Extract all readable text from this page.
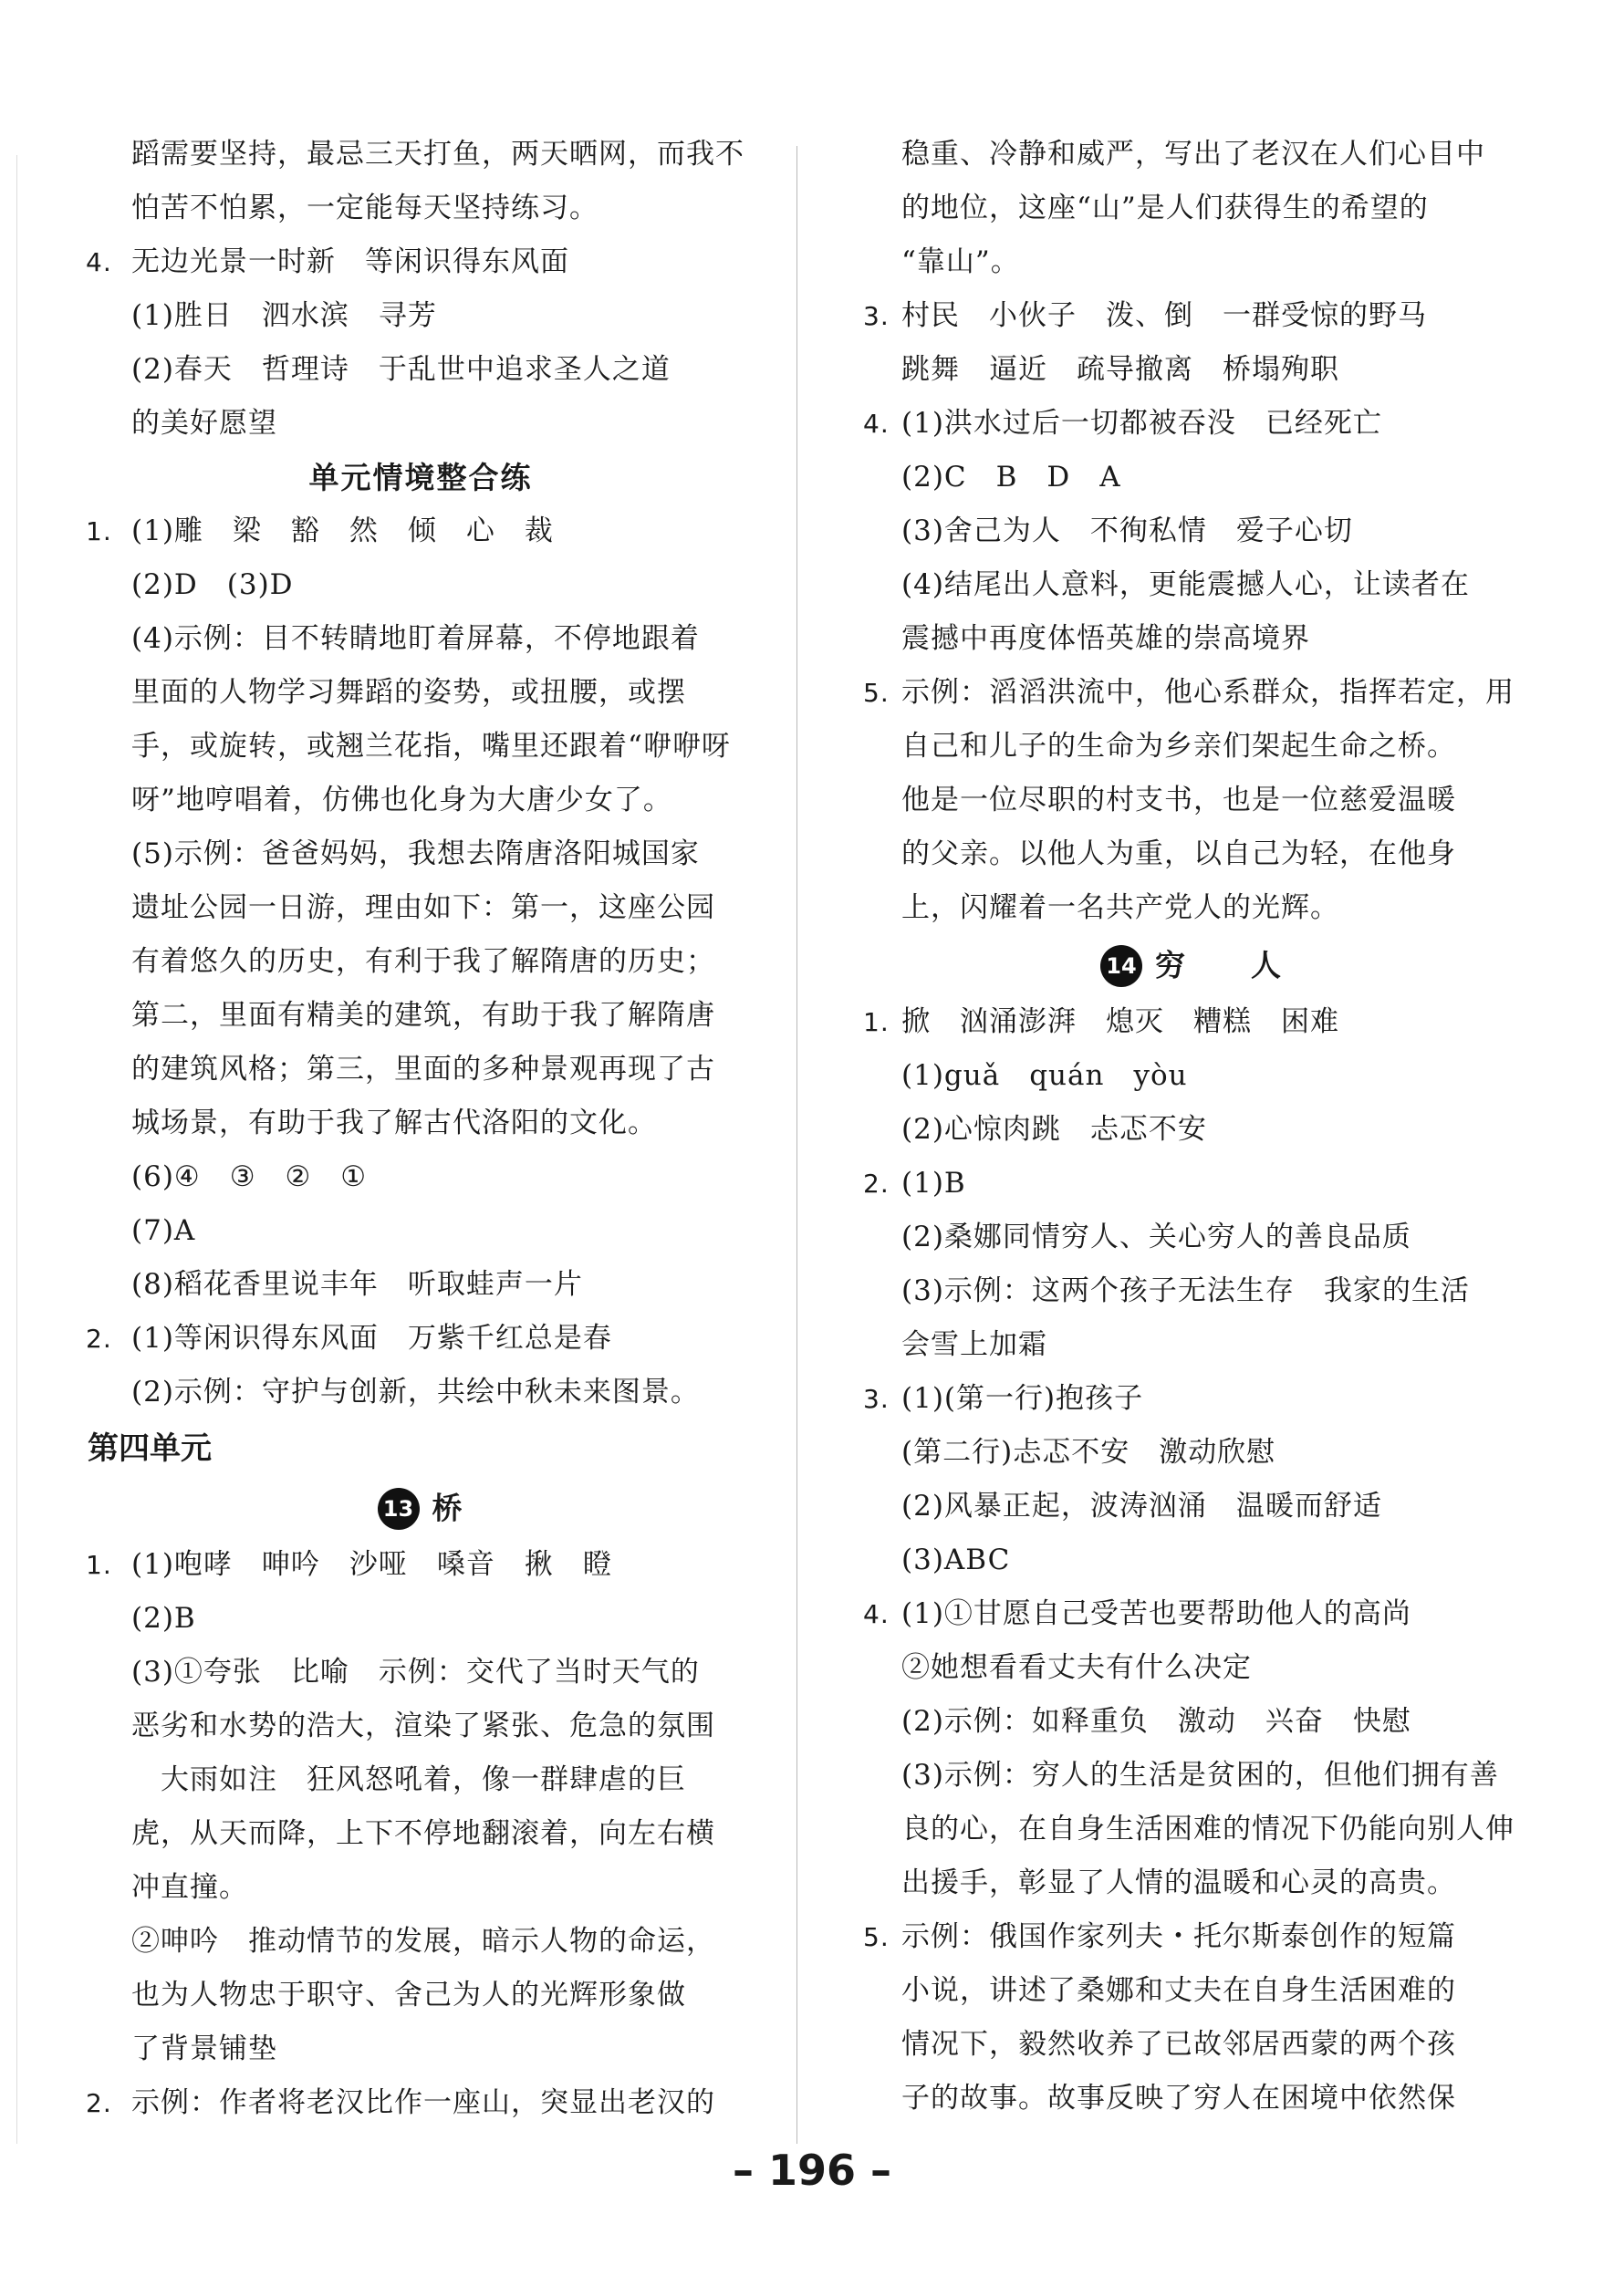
蹈需要坚持，最忌三天打鱼，两天晒网，而我不
怕苦不怕累，一定能每天坚持练习。
4. 无边光景一时新　等闲识得东风面
(1)胜日　泗水滨　寻芳
(2)春天　哲理诗　于乱世中追求圣人之道
的美好愿望
单元情境整合练
1. (1)雕　梁　豁　然　倾　心　裁
(2)D　(3)D
(4)示例：目不转睛地盯着屏幕，不停地跟着
里面的人物学习舞蹈的姿势，或扭腰，或摆
手，或旋转，或翘兰花指，嘴里还跟着“咿咿呀
呀”地哼唱着，仿佛也化身为大唐少女了。
(5)示例：爸爸妈妈，我想去隋唐洛阳城国家
遗址公园一日游，理由如下：第一，这座公园
有着悠久的历史，有利于我了解隋唐的历史；
第二，里面有精美的建筑，有助于我了解隋唐
的建筑风格；第三，里面的多种景观再现了古
城场景，有助于我了解古代洛阳的文化。
(6)④　③　②　①
(7)A
(8)稻花香里说丰年　听取蛙声一片
2. (1)等闲识得东风面　万紫千红总是春
(2)示例：守护与创新，共绘中秋未来图景。
第四单元
13 桥
1. (1)咆哮　呻吟　沙哑　嗓音　揪　瞪
(2)B
(3)①夸张　比喻　示例：交代了当时天气的
恶劣和水势的浩大，渲染了紧张、危急的氛围
　大雨如注　狂风怒吼着，像一群肆虐的巨
虎，从天而降，上下不停地翻滚着，向左右横
冲直撞。
②呻吟　推动情节的发展，暗示人物的命运，
也为人物忠于职守、舍己为人的光辉形象做
了背景铺垫
2. 示例：作者将老汉比作一座山，突显出老汉的
稳重、冷静和威严，写出了老汉在人们心目中
的地位，这座“山”是人们获得生的希望的
“靠山”。
3. 村民　小伙子　泼、倒　一群受惊的野马
跳舞　逼近　疏导撤离　桥塌殉职
4. (1)洪水过后一切都被吞没　已经死亡
(2)C　B　D　A
(3)舍己为人　不徇私情　爱子心切
(4)结尾出人意料，更能震撼人心，让读者在
震撼中再度体悟英雄的崇高境界
5. 示例：滔滔洪流中，他心系群众，指挥若定，用
自己和儿子的生命为乡亲们架起生命之桥。
他是一位尽职的村支书，也是一位慈爱温暖
的父亲。以他人为重，以自己为轻，在他身
上，闪耀着一名共产党人的光辉。
14 穷　　人
1. 掀　汹涌澎湃　熄灭　糟糕　困难
(1)guǎ　quán　yòu
(2)心惊肉跳　忐忑不安
2. (1)B
(2)桑娜同情穷人、关心穷人的善良品质
(3)示例：这两个孩子无法生存　我家的生活
会雪上加霜
3. (1)(第一行)抱孩子
(第二行)忐忑不安　激动欣慰
(2)风暴正起，波涛汹涌　温暖而舒适
(3)ABC
4. (1)①甘愿自己受苦也要帮助他人的高尚
②她想看看丈夫有什么决定
(2)示例：如释重负　激动　兴奋　快慰
(3)示例：穷人的生活是贫困的，但他们拥有善
良的心，在自身生活困难的情况下仍能向别人伸
出援手，彰显了人情的温暖和心灵的高贵。
5. 示例：俄国作家列夫・托尔斯泰创作的短篇
小说，讲述了桑娜和丈夫在自身生活困难的
情况下，毅然收养了已故邻居西蒙的两个孩
子的故事。故事反映了穷人在困境中依然保
– 196 –
